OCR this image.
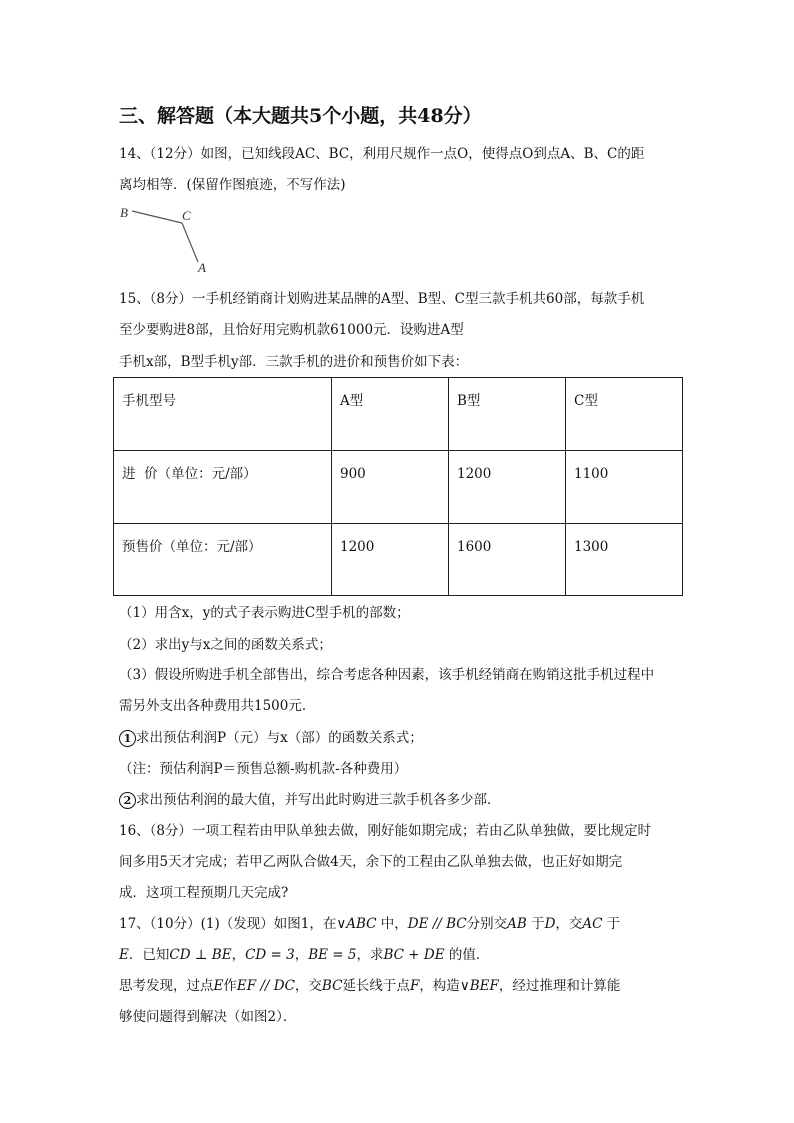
三、解答题（本大题共5个小题，共48分）
14、（12分）如图，已知线段AC、BC，利用尺规作一点O，使得点O到点A、B、C的距
离均相等．(保留作图痕迹，不写作法)
B	C
A
15、（8分）一手机经销商计划购进某品牌的A型、B型、C型三款手机共60部，每款手机
至少要购进8部，且恰好用完购机款61000元．设购进A型
手机x部，B型手机y部．三款手机的进价和预售价如下表：
手机型号	A型	B型	C型
进  价（单位：元/部）	900	1200	1100
预售价（单位：元/部）	1200	1600	1300
（1）用含x，y的式子表示购进C型手机的部数；
（2）求出y与x之间的函数关系式；
（3）假设所购进手机全部售出，综合考虑各种因素，该手机经销商在购销这批手机过程中
需另外支出各种费用共1500元．
1 求出预估利润P（元）与x（部）的函数关系式；
（注：预估利润P＝预售总额-购机款-各种费用）
2 求出预估利润的最大值，并写出此时购进三款手机各多少部．
16、（8分）一项工程若由甲队单独去做，刚好能如期完成；若由乙队单独做，要比规定时
间多用5天才完成；若甲乙两队合做4天，余下的工程由乙队单独去做，也正好如期完
成．这项工程预期几天完成?
17、（10分）(1)（发现）如图1，在∨ABC 中，DE // BC分别交AB 于D，交AC 于
E．已知CD ⊥ BE，CD = 3，BE = 5，求BC + DE 的值．
思考发现，过点E作EF // DC，交BC延长线于点F，构造∨BEF，经过推理和计算能
够使问题得到解决（如图2）．
